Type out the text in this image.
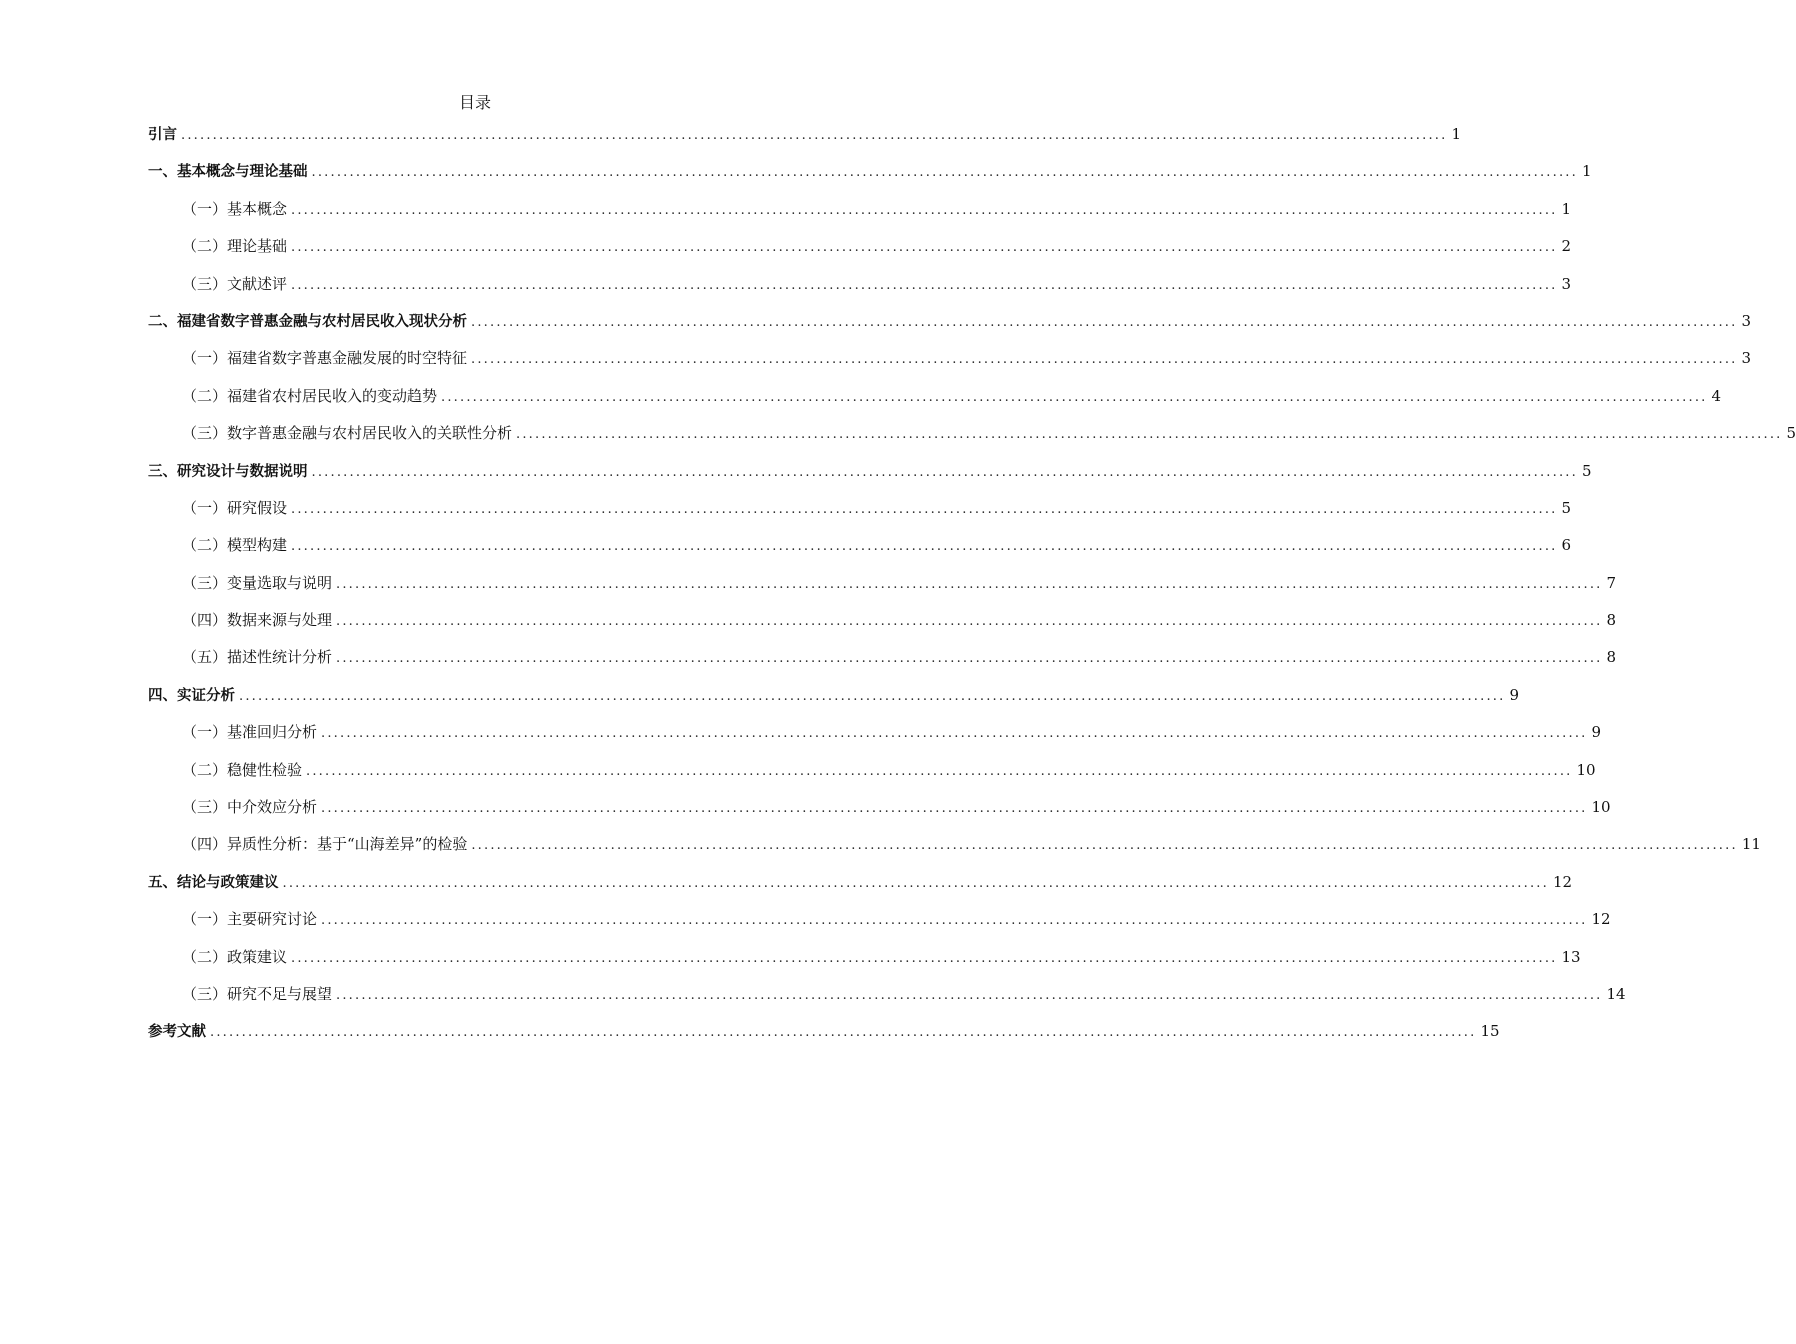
目录
引言 ........................................................................................................................................................................................................ 1
一、基本概念与理论基础 ........................................................................................................................................................................................................ 1
（一）基本概念 ........................................................................................................................................................................................................ 1
（二）理论基础 ........................................................................................................................................................................................................ 2
（三）文献述评 ........................................................................................................................................................................................................ 3
二、福建省数字普惠金融与农村居民收入现状分析 ........................................................................................................................................................................................................ 3
（一）福建省数字普惠金融发展的时空特征 ........................................................................................................................................................................................................ 3
（二）福建省农村居民收入的变动趋势 ........................................................................................................................................................................................................ 4
（三）数字普惠金融与农村居民收入的关联性分析 ........................................................................................................................................................................................................ 5
三、研究设计与数据说明 ........................................................................................................................................................................................................ 5
（一）研究假设 ........................................................................................................................................................................................................ 5
（二）模型构建 ........................................................................................................................................................................................................ 6
（三）变量选取与说明 ........................................................................................................................................................................................................ 7
（四）数据来源与处理 ........................................................................................................................................................................................................ 8
（五）描述性统计分析 ........................................................................................................................................................................................................ 8
四、实证分析 ........................................................................................................................................................................................................ 9
（一）基准回归分析 ........................................................................................................................................................................................................ 9
（二）稳健性检验 ........................................................................................................................................................................................................ 10
（三）中介效应分析 ........................................................................................................................................................................................................ 10
（四）异质性分析：基于“山海差异”的检验 ........................................................................................................................................................................................................ 11
五、结论与政策建议 ........................................................................................................................................................................................................ 12
（一）主要研究讨论 ........................................................................................................................................................................................................ 12
（二）政策建议 ........................................................................................................................................................................................................ 13
（三）研究不足与展望 ........................................................................................................................................................................................................ 14
参考文献 ........................................................................................................................................................................................................ 15
